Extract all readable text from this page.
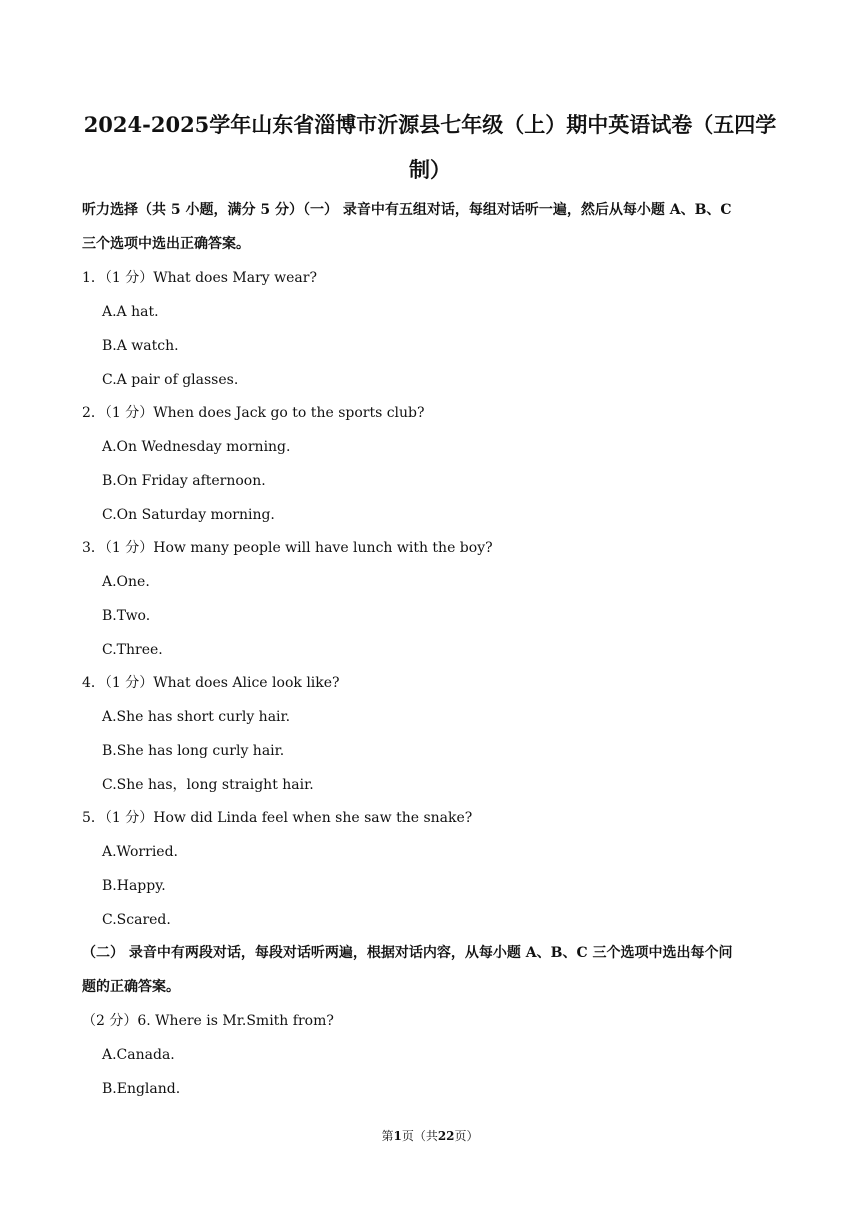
2024-2025学年山东省淄博市沂源县七年级（上）期中英语试卷（五四学
制）

听力选择（共 5 小题，满分 5 分）（一） 录音中有五组对话，每组对话听一遍，然后从每小题 A、B、C

三个选项中选出正确答案。

1．（1 分）What does Mary wear?

A.A hat.

B.A watch.

C.A pair of glasses.

2．（1 分）When does Jack go to the sports club?

A.On Wednesday morning.

B.On Friday afternoon.

C.On Saturday morning.

3．（1 分）How many people will have lunch with the boy?

A.One.

B.Two.

C.Three.

4．（1 分）What does Alice look like?

A.She has short curly hair.

B.She has long curly hair.

C.She has，long straight hair.

5．（1 分）How did Linda feel when she saw the snake?

A.Worried.

B.Happy.

C.Scared.

（二） 录音中有两段对话，每段对话听两遍，根据对话内容，从每小题 A、B、C 三个选项中选出每个问

题的正确答案。

（2 分）6. Where is Mr.Smith from?

A.Canada.

B.England.

第1页（共22页）
